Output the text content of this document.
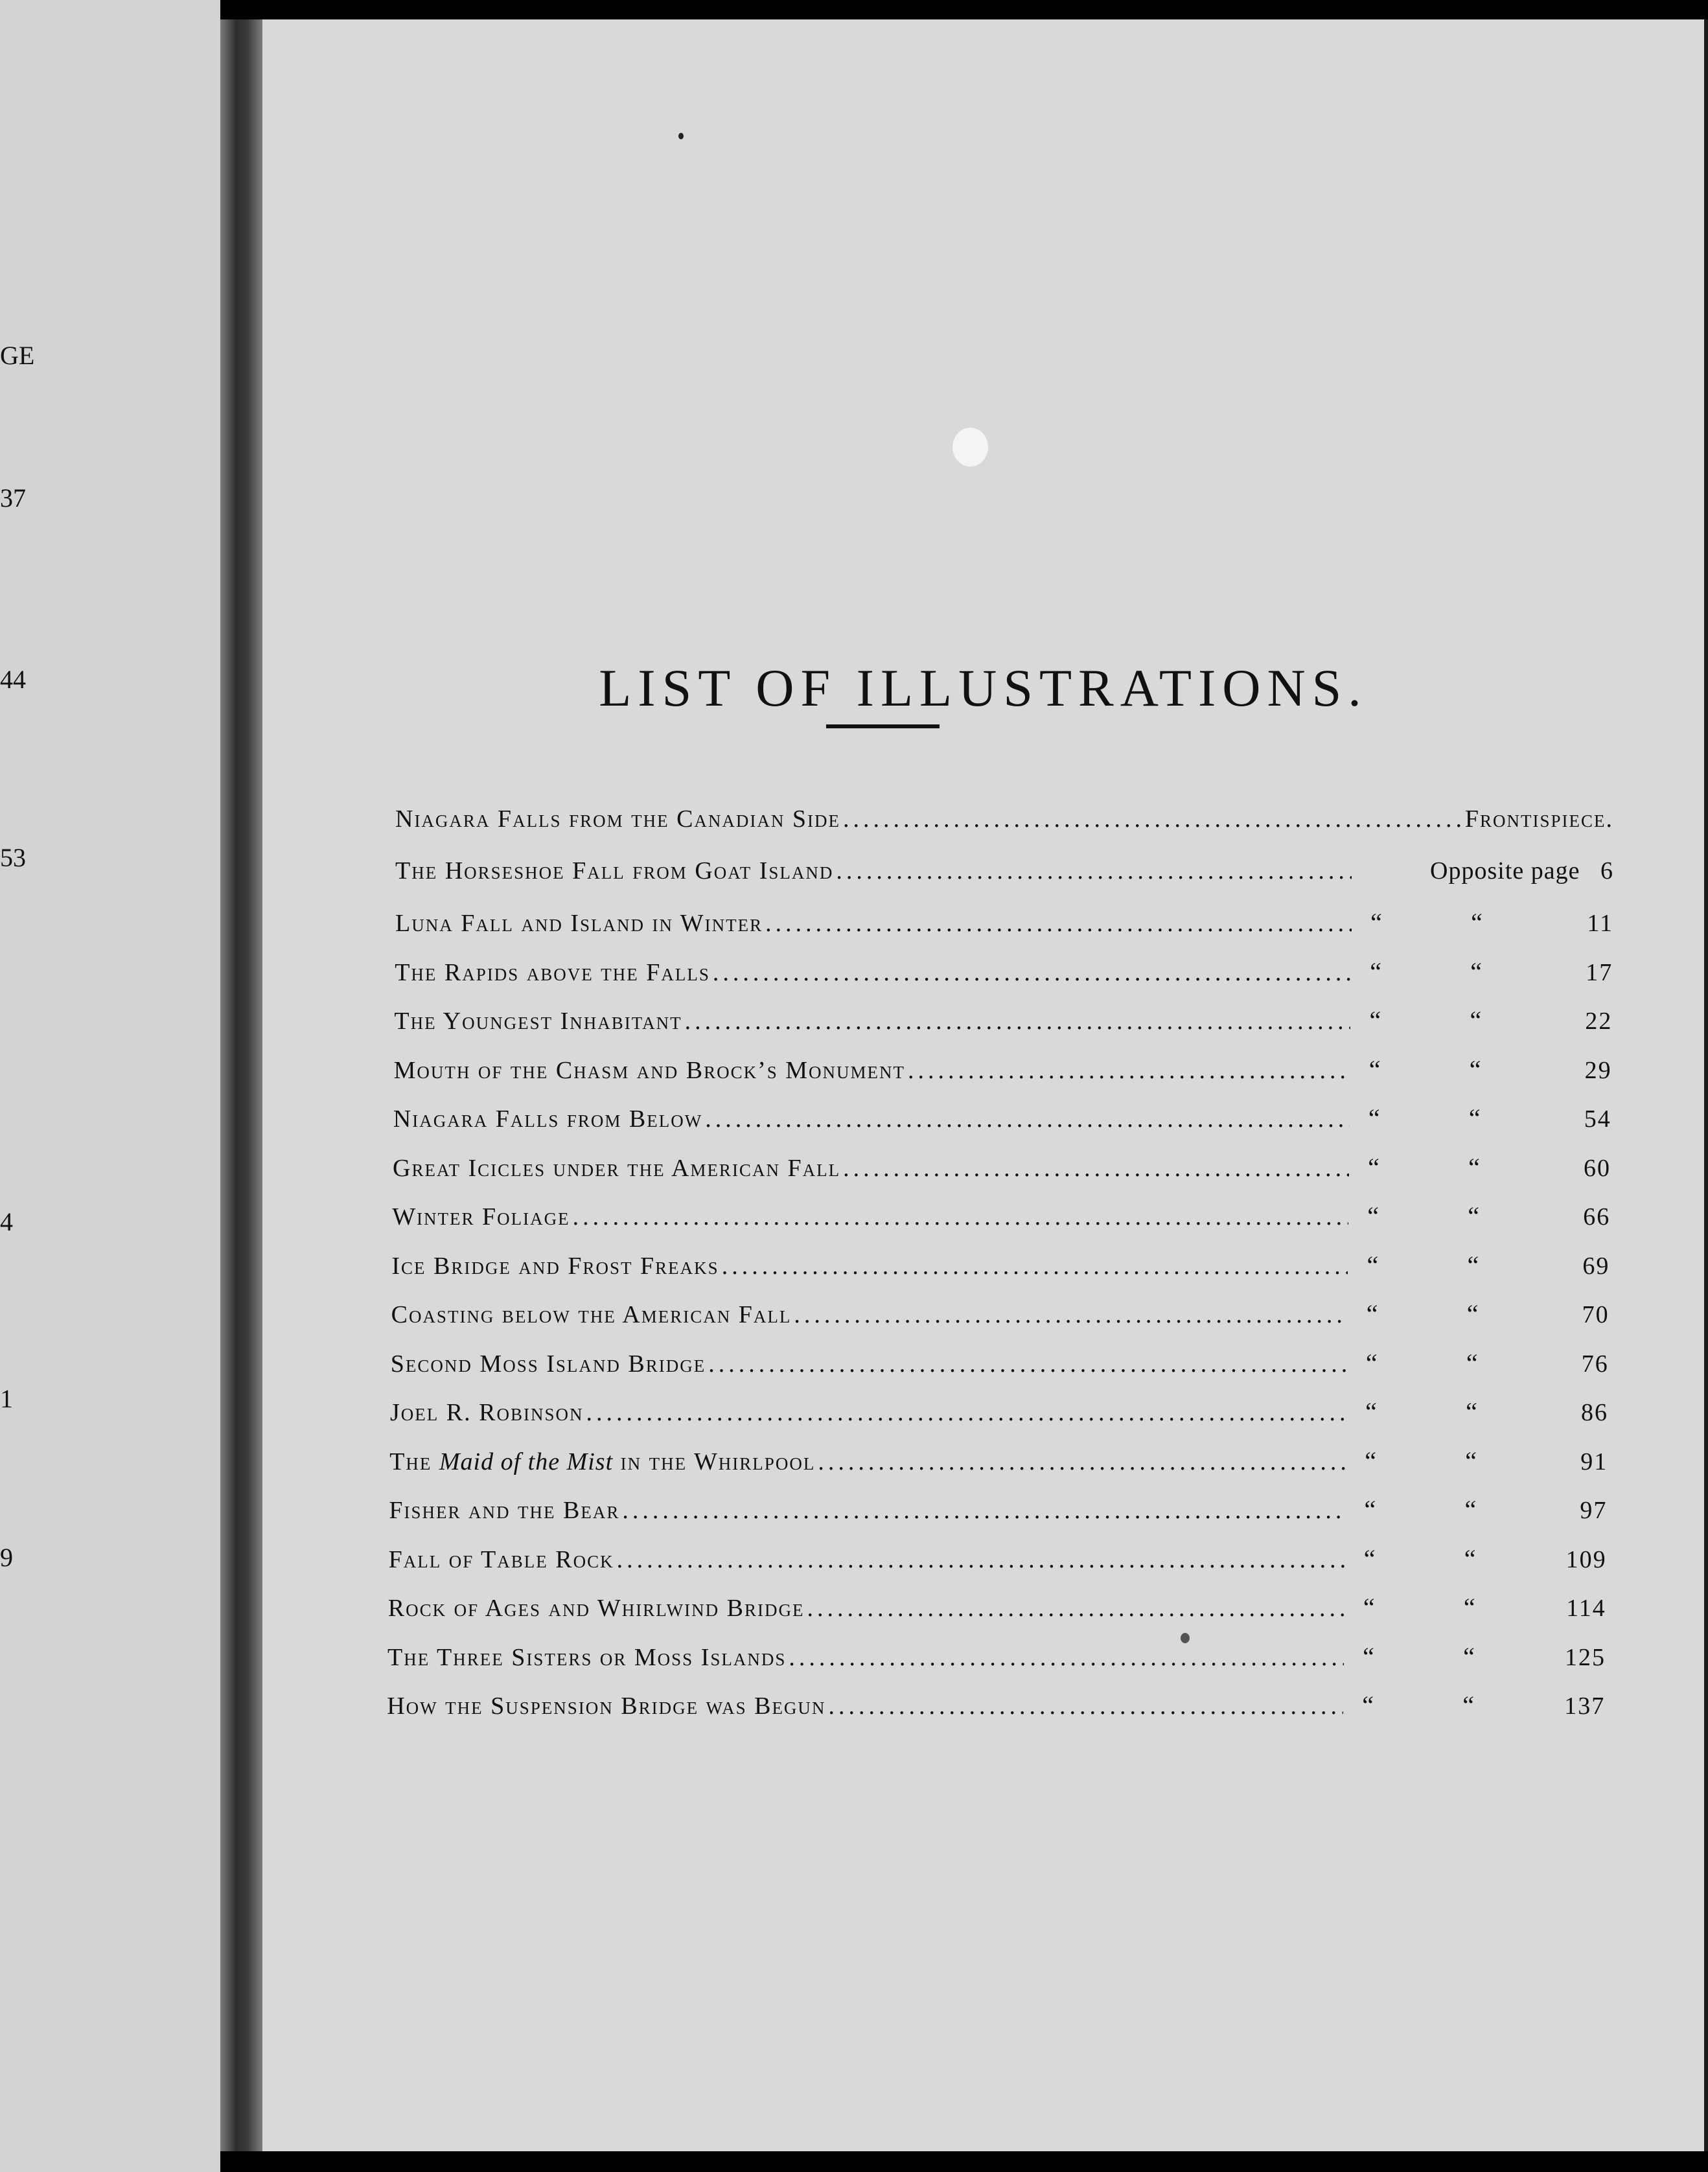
GE
37
44
53
4
1
9
LIST OF ILLUSTRATIONS.
Niagara Falls from the Canadian Side .....	Frontispiece.
The Horseshoe Fall from Goat Island .....	Opposite page 6
Luna Fall and Island in Winter .....	“	“	11
The Rapids above the Falls .....	“	“	17
The Youngest Inhabitant .....	“	“	22
Mouth of the Chasm and Brock’s Monument .....	“	“	29
Niagara Falls from Below .....	“	“	54
Great Icicles under the American Fall .....	“	“	60
Winter Foliage .....	“	“	66
Ice Bridge and Frost Freaks .....	“	“	69
Coasting below the American Fall .....	“	“	70
Second Moss Island Bridge .....	“	“	76
Joel R. Robinson .....	“	“	86
The Maid of the Mist in the Whirlpool .....	“	“	91
Fisher and the Bear .....	“	“	97
Fall of Table Rock .....	“	“	109
Rock of Ages and Whirlwind Bridge .....	“	“	114
The Three Sisters or Moss Islands .....	“	“	125
How the Suspension Bridge was Begun .....	“	“	137
